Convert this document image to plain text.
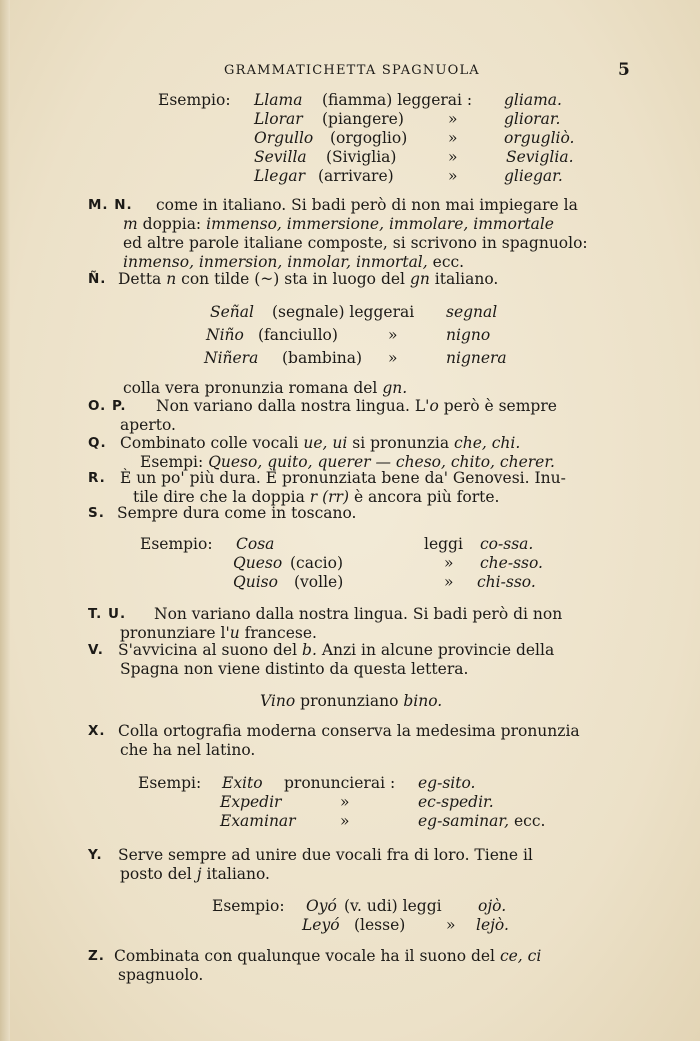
GRAMMATICHETTA SPAGNUOLA	5
Esempio: Llama (fiamma) leggerai : gliama.
Llorar (piangere)	»	gliorar.
Orgullo (orgoglio)	»	orgugliò.
Sevilla (Siviglia)	»	Seviglia.
Llegar (arrivare)	»	gliegar.
M. N. come in italiano. Si badi però di non mai impiegare la
m doppia: immenso, immersione, immolare, immortale
ed altre parole italiane composte, si scrivono in spagnuolo:
inmenso, inmersion, inmolar, inmortal, ecc.
Ñ. Detta n con tilde (~) sta in luogo del gn italiano.
Señal (segnale) leggerai segnal
Niño (fanciullo)	»	nigno
Niñera (bambina) »	nignera
colla vera pronunzia romana del gn.
O. P. Non variano dalla nostra lingua. L'o però è sempre
aperto.
Q. Combinato colle vocali ue, ui si pronunzia che, chi.
Esempi: Queso, quito, querer — cheso, chito, cherer.
R. È un po' più dura. È pronunziata bene da' Genovesi. Inu-
tile dire che la doppia r (rr) è ancora più forte.
S. Sempre dura come in toscano.
Esempio: Cosa	leggi co-ssa.
Queso (cacio)	» che-sso.
Quiso (volle)	» chi-sso.
T. U. Non variano dalla nostra lingua. Si badi però di non
pronunziare l'u francese.
V. S'avvicina al suono del b. Anzi in alcune provincie della
Spagna non viene distinto da questa lettera.
Vino pronunziano bino.
X. Colla ortografia moderna conserva la medesima pronunzia
che ha nel latino.
Esempi: Exito pronuncierai : eg-sito.
Expedir	»	ec-spedir.
Examinar	»	eg-saminar, ecc.
Y. Serve sempre ad unire due vocali fra di loro. Tiene il
posto del j italiano.
Esempio: Oyó (v. udi) leggi ojò.
Leyó (lesse)	» lejò.
Z. Combinata con qualunque vocale ha il suono del ce, ci
spagnuolo.
